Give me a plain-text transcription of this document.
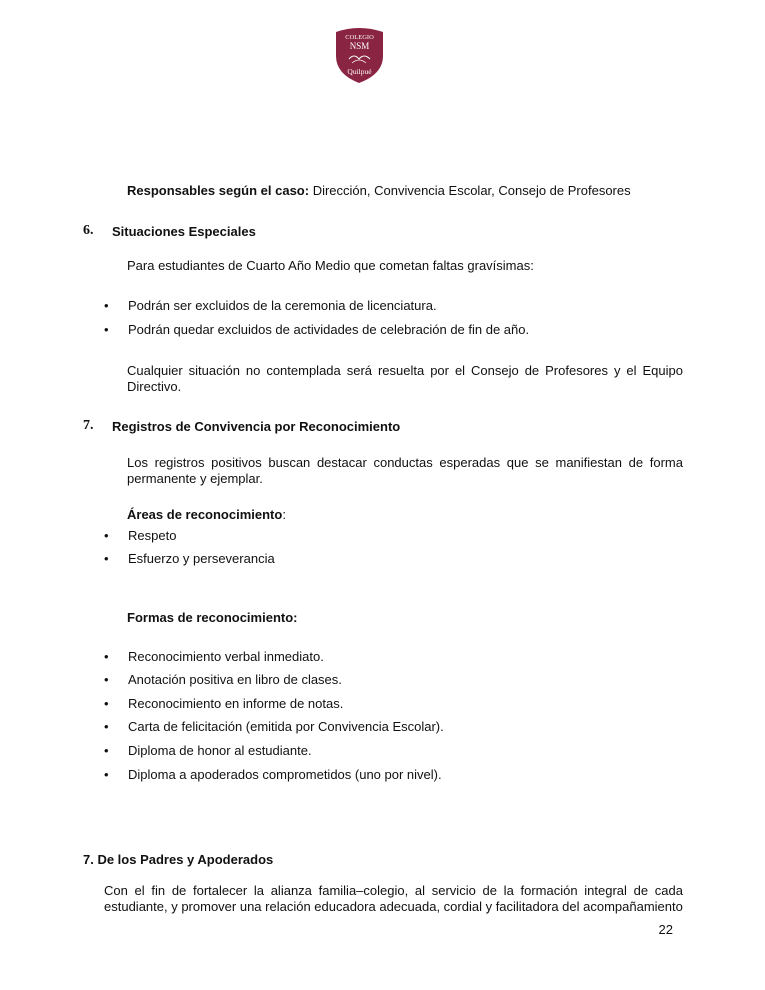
COLEGIO
NSM
Quilpué
Responsables según el caso: Dirección, Convivencia Escolar, Consejo de Profesores
6. Situaciones Especiales
Para estudiantes de Cuarto Año Medio que cometan faltas gravísimas:
• Podrán ser excluidos de la ceremonia de licenciatura.
• Podrán quedar excluidos de actividades de celebración de fin de año.
Cualquier situación no contemplada será resuelta por el Consejo de Profesores y el Equipo Directivo.
7. Registros de Convivencia por Reconocimiento
Los registros positivos buscan destacar conductas esperadas que se manifiestan de forma permanente y ejemplar.
Áreas de reconocimiento:
• Respeto
• Esfuerzo y perseverancia
Formas de reconocimiento:
• Reconocimiento verbal inmediato.
• Anotación positiva en libro de clases.
• Reconocimiento en informe de notas.
• Carta de felicitación (emitida por Convivencia Escolar).
• Diploma de honor al estudiante.
• Diploma a apoderados comprometidos (uno por nivel).
7. De los Padres y Apoderados
Con el fin de fortalecer la alianza familia–colegio, al servicio de la formación integral de cada estudiante, y promover una relación educadora adecuada, cordial y facilitadora del acompañamiento
22
